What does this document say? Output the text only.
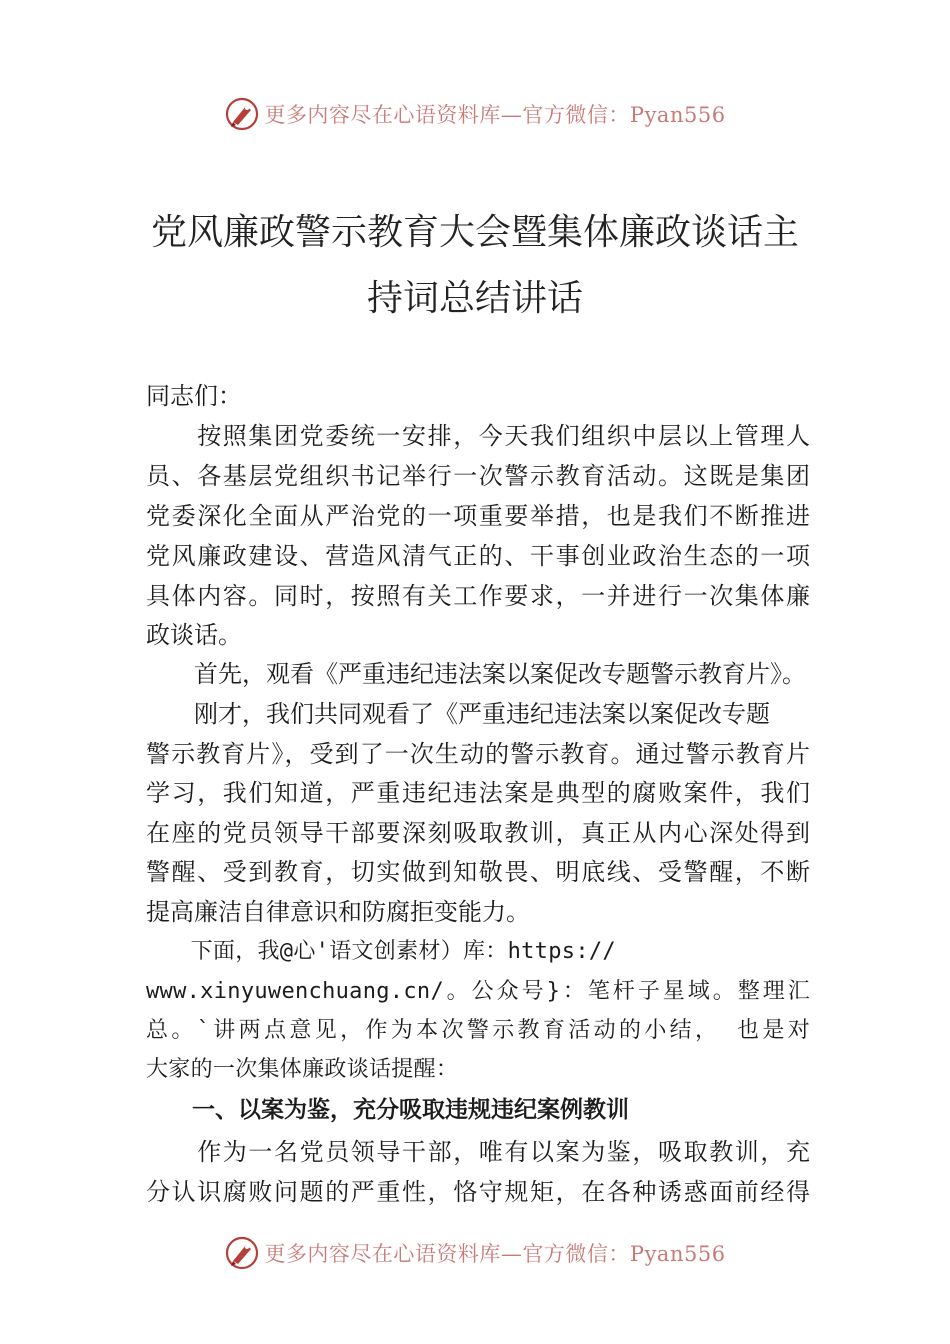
更多内容尽在心语资料库—官方微信：Pyan556
党风廉政警示教育大会暨集体廉政谈话主
持词总结讲话
同志们：
　　按照集团党委统一安排，今天我们组织中层以上管理人
员、各基层党组织书记举行一次警示教育活动。这既是集团
党委深化全面从严治党的一项重要举措，也是我们不断推进
党风廉政建设、营造风清气正的、干事创业政治生态的一项
具体内容。同时，按照有关工作要求，一并进行一次集体廉
政谈话。
　　首先，观看《严重违纪违法案以案促改专题警示教育片》。
　　刚才，我们共同观看了《严重违纪违法案以案促改专题
警示教育片》，受到了一次生动的警示教育。通过警示教育片
学习，我们知道，严重违纪违法案是典型的腐败案件，我们
在座的党员领导干部要深刻吸取教训，真正从内心深处得到
警醒、受到教育，切实做到知敬畏、明底线、受警醒，不断
提高廉洁自律意识和防腐拒变能力。
　　下面，我@心'语文创素材）库：https://
www.xinyuwenchuang.cn/。公众号}：笔杆子星域。整理汇
总。`讲两点意见，作为本次警示教育活动的小结， 也是对
大家的一次集体廉政谈话提醒：
　　一、以案为鉴，充分吸取违规违纪案例教训
　　作为一名党员领导干部，唯有以案为鉴，吸取教训，充
分认识腐败问题的严重性，恪守规矩，在各种诱惑面前经得
更多内容尽在心语资料库—官方微信：Pyan556
